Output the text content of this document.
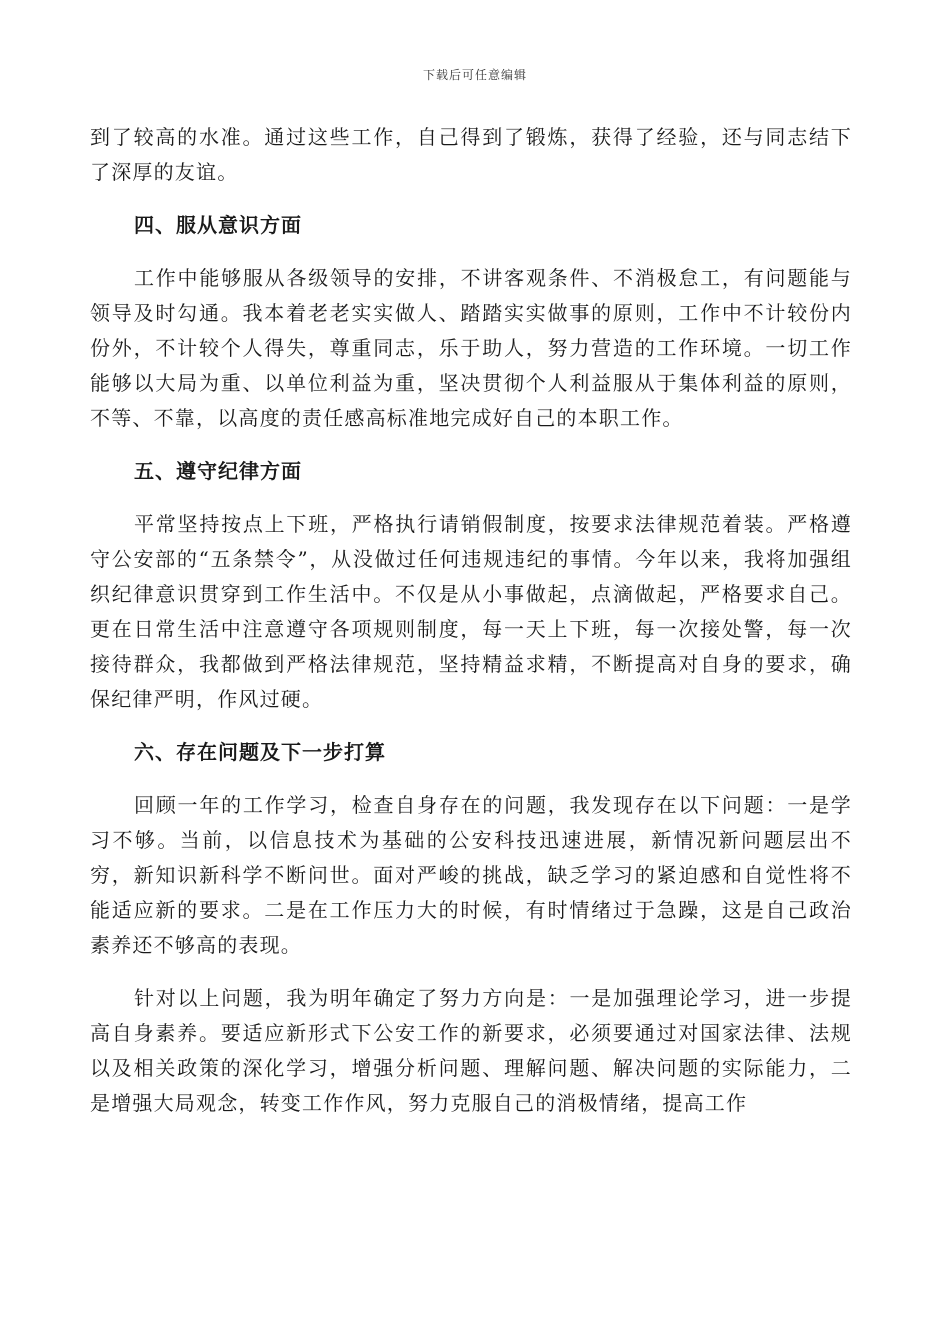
下载后可任意编辑

到了较高的水准。通过这些工作，自己得到了锻炼，获得了经验，还与同志结下了深厚的友谊。

四、服从意识方面

工作中能够服从各级领导的安排，不讲客观条件、不消极怠工，有问题能与领导及时勾通。我本着老老实实做人、踏踏实实做事的原则，工作中不计较份内份外，不计较个人得失，尊重同志，乐于助人，努力营造的工作环境。一切工作能够以大局为重、以单位利益为重，坚决贯彻个人利益服从于集体利益的原则，不等、不靠，以高度的责任感高标准地完成好自己的本职工作。

五、遵守纪律方面

平常坚持按点上下班，严格执行请销假制度，按要求法律规范着装。严格遵守公安部的“五条禁令”，从没做过任何违规违纪的事情。今年以来，我将加强组织纪律意识贯穿到工作生活中。不仅是从小事做起，点滴做起，严格要求自己。更在日常生活中注意遵守各项规则制度，每一天上下班，每一次接处警，每一次接待群众，我都做到严格法律规范，坚持精益求精，不断提高对自身的要求，确保纪律严明，作风过硬。

六、存在问题及下一步打算

回顾一年的工作学习，检查自身存在的问题，我发现存在以下问题：一是学习不够。当前，以信息技术为基础的公安科技迅速进展，新情况新问题层出不穷，新知识新科学不断问世。面对严峻的挑战，缺乏学习的紧迫感和自觉性将不能适应新的要求。二是在工作压力大的时候，有时情绪过于急躁，这是自己政治素养还不够高的表现。

针对以上问题，我为明年确定了努力方向是：一是加强理论学习，进一步提高自身素养。要适应新形式下公安工作的新要求，必须要通过对国家法律、法规以及相关政策的深化学习，增强分析问题、理解问题、解决问题的实际能力，二是增强大局观念，转变工作作风，努力克服自己的消极情绪，提高工作
